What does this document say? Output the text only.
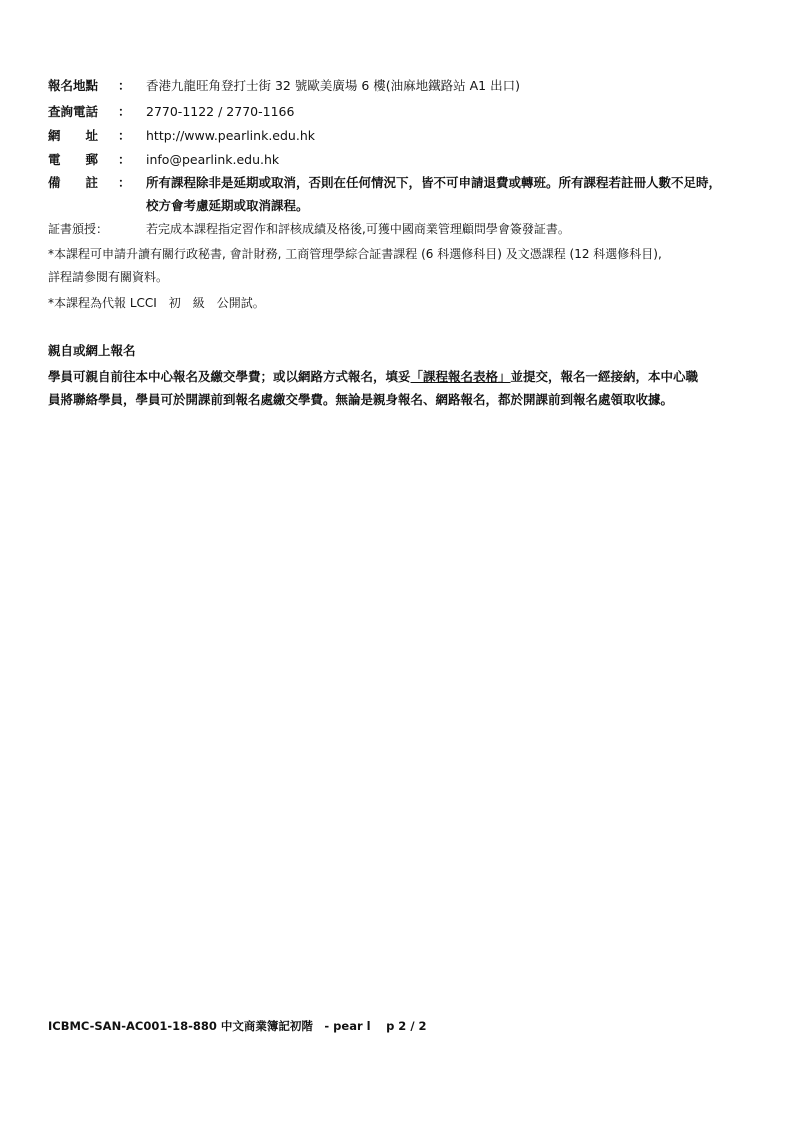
報名地點 ： 香港九龍旺角登打士街 32 號歐美廣場 6 樓(油麻地鐵路站 A1 出口)
查詢電話 ： 2770-1122 / 2770-1166
網　　址 ： http://www.pearlink.edu.hk
電　　郵 ： info@pearlink.edu.hk
備　　註 ： 所有課程除非是延期或取消，否則在任何情況下，皆不可申請退費或轉班。所有課程若註冊人數不足時，
校方會考慮延期或取消課程。
証書頒授：	若完成本課程指定習作和評核成績及格後,可獲中國商業管理顧問學會簽發証書。
*本課程可申請升讀有關行政秘書, 會計財務, 工商管理學綜合証書課程 (6 科選修科目) 及文憑課程 (12 科選修科目),
詳程請參閱有關資料。
*本課程為代報 LCCI　初　級　公開試。
親自或網上報名
學員可親自前往本中心報名及繳交學費；或以網路方式報名，填妥「課程報名表格」並提交，報名一經接納，本中心職
員將聯絡學員，學員可於開課前到報名處繳交學費。無論是親身報名、網路報名，都於開課前到報名處領取收據。
ICBMC-SAN-AC001-18-880 中文商業簿記初階　- pear l　 p 2 / 2
